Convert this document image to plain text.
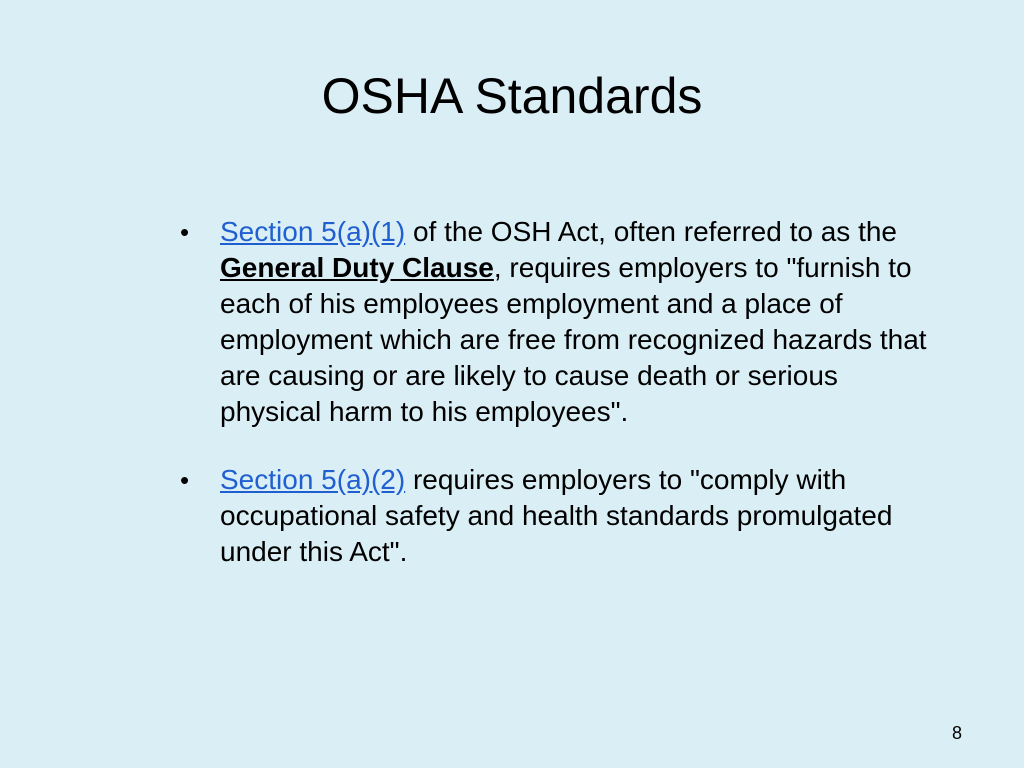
OSHA Standards
• Section 5(a)(1) of the OSH Act, often referred to as the General Duty Clause, requires employers to "furnish to each of his employees employment and a place of employment which are free from recognized hazards that are causing or are likely to cause death or serious physical harm to his employees".
• Section 5(a)(2) requires employers to "comply with occupational safety and health standards promulgated under this Act".
8
